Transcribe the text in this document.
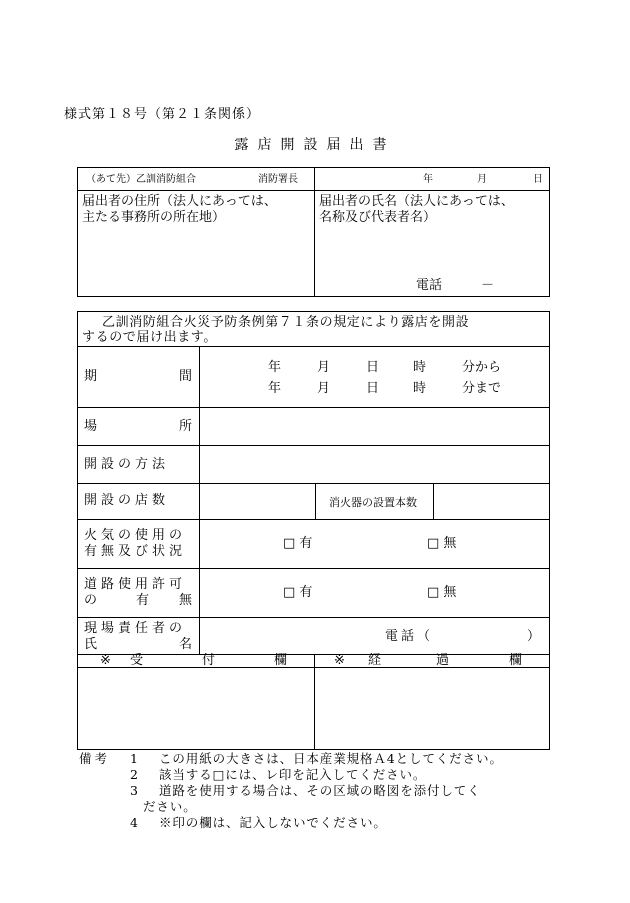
様式第１８号（第２１条関係）
露店開設届出書
（あて先）乙訓消防組合	消防署長	年	月	日
届出者の住所（法人にあっては、
主たる事務所の所在地）
届出者の氏名（法人にあっては、
名称及び代表者名）
電話	－
乙訓消防組合火災予防条例第７１条の規定により露店を開設
するので届け出ます。
期	間
年	月	日	時	分から
年	月	日	時	分まで
場	所
開設の方法
開設の店数	消火器の設置本数
火気の使用の
有無及び状況
□ 有	□ 無
道路使用許可
の	有 無
□ 有	□ 無
現場責任者の
氏	名
電話（	）
※ 受	付	欄	※ 経	過	欄
備考 1 この用紙の大きさは、日本産業規格Ａ4としてください。
2 該当する□には、レ印を記入してください。
3 道路を使用する場合は、その区域の略図を添付してく
ださい。
4 ※印の欄は、記入しないでください。
